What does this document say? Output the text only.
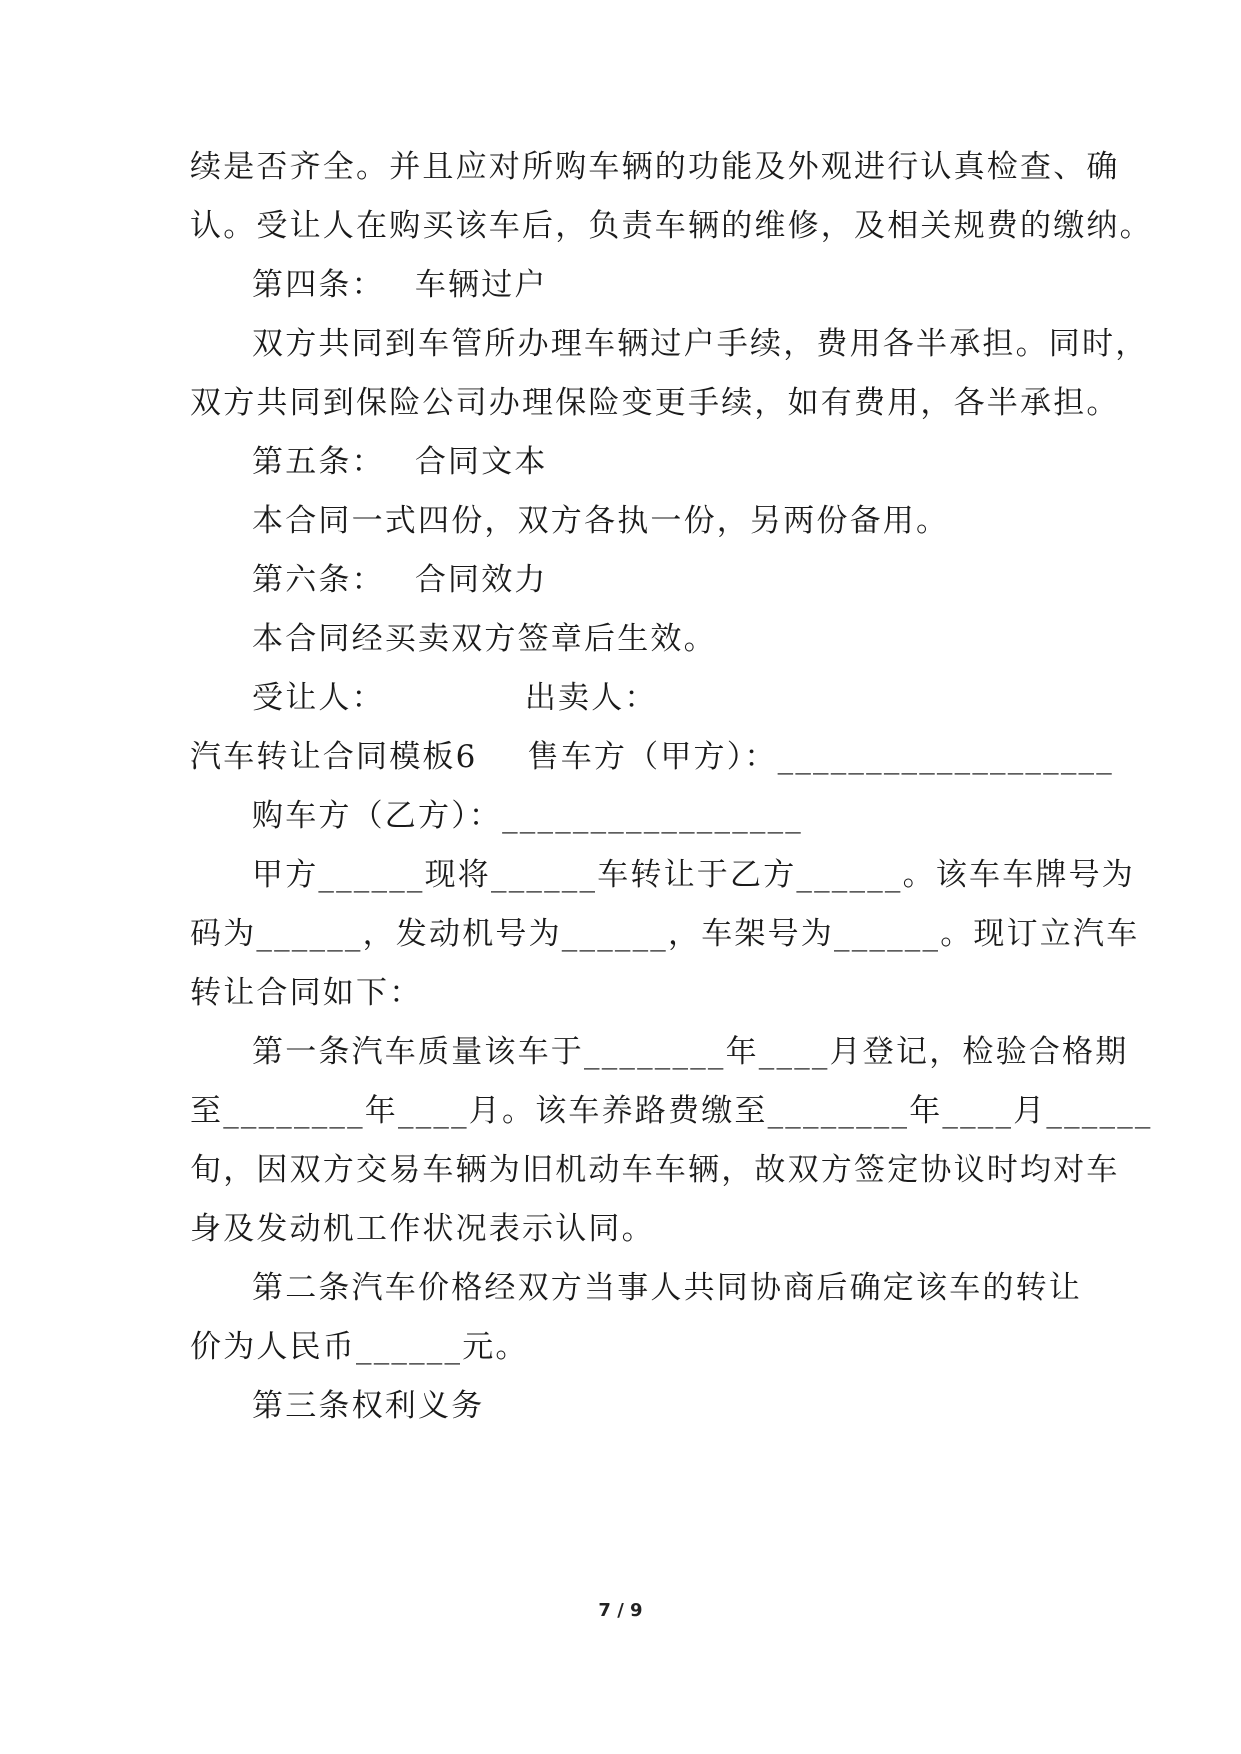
续是否齐全。并且应对所购车辆的功能及外观进行认真检查、确
认。受让人在购买该车后，负责车辆的维修，及相关规费的缴纳。
第四条： 车辆过户
双方共同到车管所办理车辆过户手续，费用各半承担。同时，
双方共同到保险公司办理保险变更手续，如有费用，各半承担。
第五条： 合同文本
本合同一式四份，双方各执一份，另两份备用。
第六条： 合同效力
本合同经买卖双方签章后生效。
受让人：	出卖人：
汽车转让合同模板6 售车方（甲方）：___________________
购车方（乙方）：_________________
甲方______现将______车转让于乙方______。该车车牌号为
码为______，发动机号为______，车架号为______。现订立汽车
转让合同如下：
第一条汽车质量该车于________年____月登记，检验合格期
至________年____月。该车养路费缴至________年____月______
旬，因双方交易车辆为旧机动车车辆，故双方签定协议时均对车
身及发动机工作状况表示认同。
第二条汽车价格经双方当事人共同协商后确定该车的转让
价为人民币______元。
第三条权利义务
7 / 9
